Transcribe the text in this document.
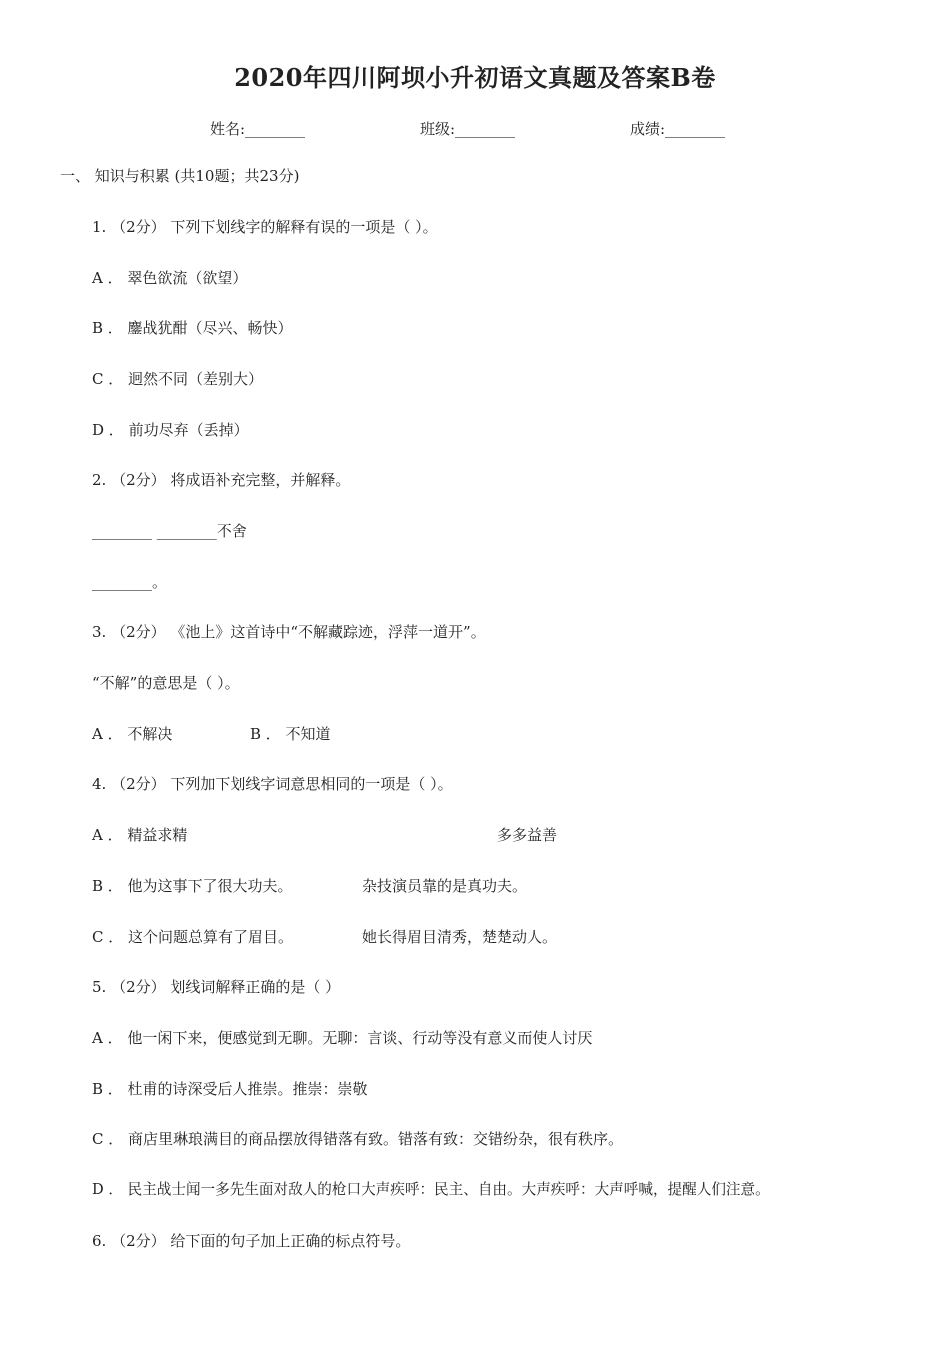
2020年四川阿坝小升初语文真题及答案B卷
姓名:________	班级:________	成绩:________
一、 知识与积累 (共10题；共23分)
1. （2分） 下列下划线字的解释有误的一项是（ ）。
A ． 翠色欲流（欲望）
B ． 鏖战犹酣（尽兴、畅快）
C ． 迥然不同（差别大）
D ． 前功尽弃（丢掉）
2. （2分） 将成语补充完整，并解释。
________ ________不舍
________。
3. （2分） 《池上》这首诗中“不解藏踪迹，浮萍一道开”。
“不解”的意思是（ ）。
A ． 不解决	B ． 不知道
4. （2分） 下列加下划线字词意思相同的一项是（ ）。
A ． 精益求精	多多益善
B ． 他为这事下了很大功夫。	杂技演员靠的是真功夫。
C ． 这个问题总算有了眉目。	她长得眉目清秀，楚楚动人。
5. （2分） 划线词解释正确的是（ ）
A ． 他一闲下来，便感觉到无聊。无聊：言谈、行动等没有意义而使人讨厌
B ． 杜甫的诗深受后人推崇。推崇：崇敬
C ． 商店里琳琅满目的商品摆放得错落有致。错落有致：交错纷杂，很有秩序。
D ． 民主战士闻一多先生面对敌人的枪口大声疾呼：民主、自由。大声疾呼：大声呼喊，提醒人们注意。
6. （2分） 给下面的句子加上正确的标点符号。
